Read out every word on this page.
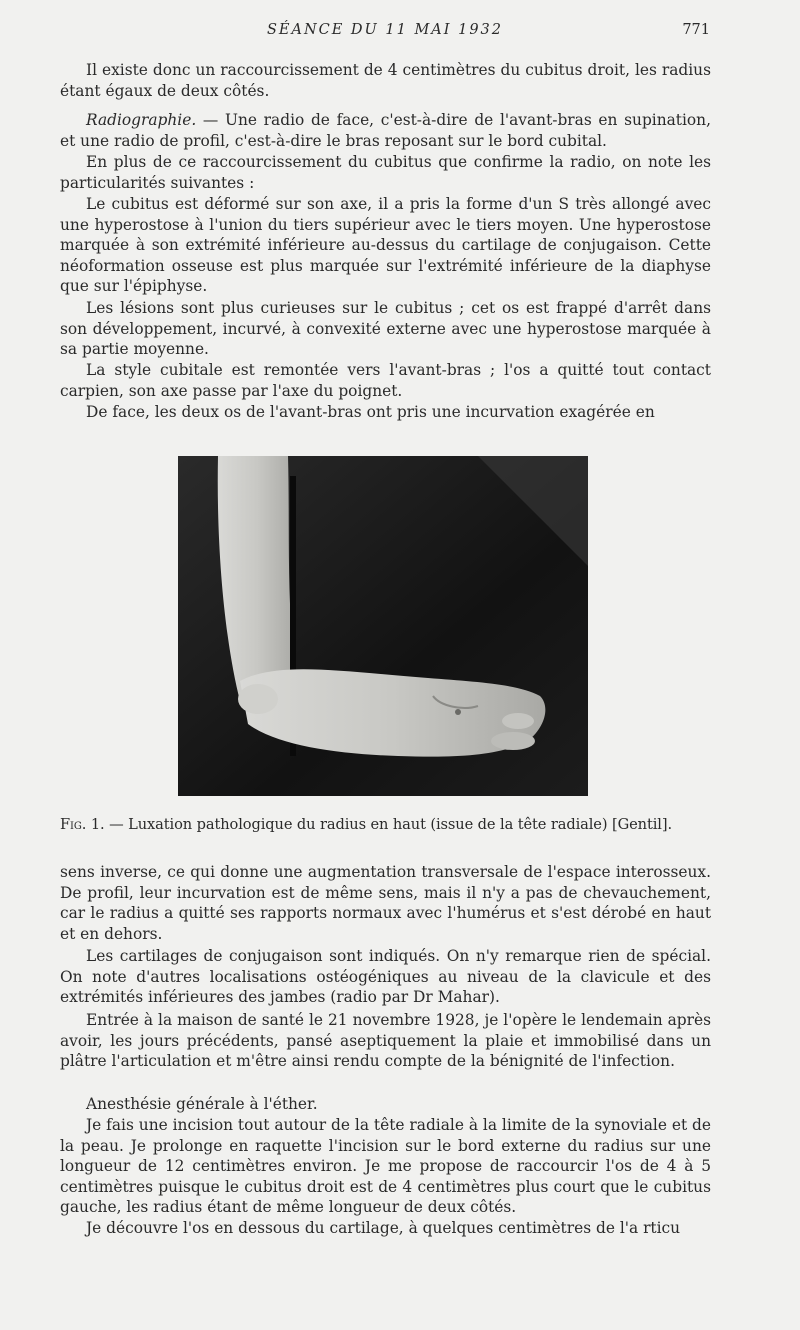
SÉANCE DU 11 MAI 1932	771

Il existe donc un raccourcissement de 4 centimètres du cubitus droit, les radius étant égaux de deux côtés.

Radiographie. — Une radio de face, c'est-à-dire de l'avant-bras en supination, et une radio de profil, c'est-à-dire le bras reposant sur le bord cubital.

En plus de ce raccourcissement du cubitus que confirme la radio, on note les particularités suivantes :

Le cubitus est déformé sur son axe, il a pris la forme d'un S très allongé avec une hyperostose à l'union du tiers supérieur avec le tiers moyen. Une hyperostose marquée à son extrémité inférieure au-dessus du cartilage de conjugaison. Cette néoformation osseuse est plus marquée sur l'extrémité inférieure de la diaphyse que sur l'épiphyse.

Les lésions sont plus curieuses sur le cubitus ; cet os est frappé d'arrêt dans son développement, incurvé, à convexité externe avec une hyperostose marquée à sa partie moyenne.

La style cubitale est remontée vers l'avant-bras ; l'os a quitté tout contact carpien, son axe passe par l'axe du poignet.

De face, les deux os de l'avant-bras ont pris une incurvation exagérée en

Fig. 1. — Luxation pathologique du radius en haut (issue de la tête radiale) [Gentil].

sens inverse, ce qui donne une augmentation transversale de l'espace interosseux. De profil, leur incurvation est de même sens, mais il n'y a pas de chevauchement, car le radius a quitté ses rapports normaux avec l'humérus et s'est dérobé en haut et en dehors.

Les cartilages de conjugaison sont indiqués. On n'y remarque rien de spécial. On note d'autres localisations ostéogéniques au niveau de la clavicule et des extrémités inférieures des jambes (radio par Dr Mahar).

Entrée à la maison de santé le 21 novembre 1928, je l'opère le lendemain après avoir, les jours précédents, pansé aseptiquement la plaie et immobilisé dans un plâtre l'articulation et m'être ainsi rendu compte de la bénignité de l'infection.

Anesthésie générale à l'éther.

Je fais une incision tout autour de la tête radiale à la limite de la synoviale et de la peau. Je prolonge en raquette l'incision sur le bord externe du radius sur une longueur de 12 centimètres environ. Je me propose de raccourcir l'os de 4 à 5 centimètres puisque le cubitus droit est de 4 centimètres plus court que le cubitus gauche, les radius étant de même longueur de deux côtés.

Je découvre l'os en dessous du cartilage, à quelques centimètres de l'a rticu
